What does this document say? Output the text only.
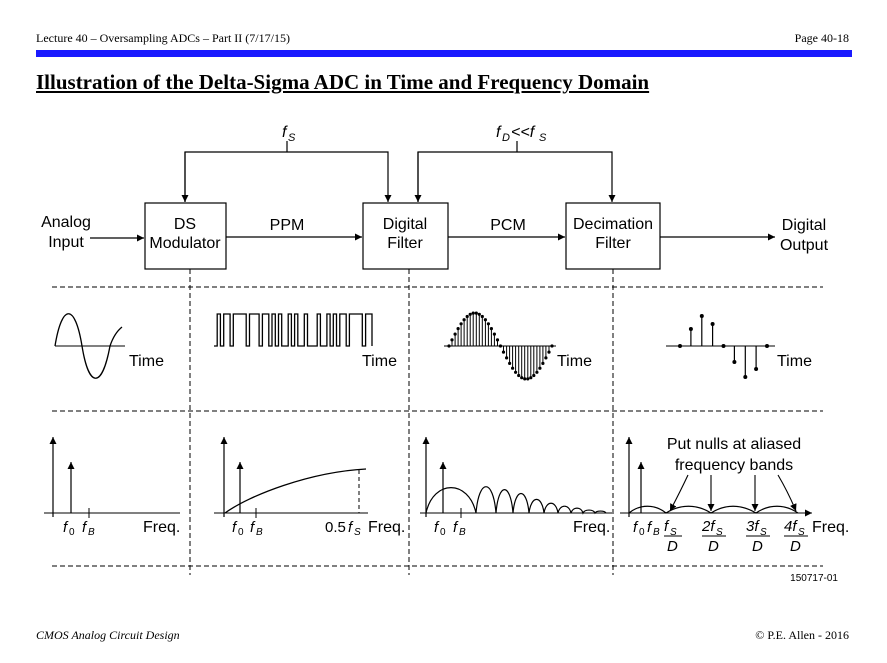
Lecture 40 – Oversampling ADCs – Part II (7/17/15)	Page 40-18
Illustration of the Delta-Sigma ADC in Time and Frequency Domain
f S	f D <<f S
Analog
Input
DS
Modulator
Digital
Filter
Decimation
Filter
PPM	PCM	Digital
Output
Time	Time	Time	Time
f 0 f B	Freq.	f 0 f B	0.5 f S Freq. f 0 f B	Freq.
Put nulls at aliased
frequency bands
f 0 f B f S
D
2f S
D
3f S
D
4f S
D
Freq.
150717-01
CMOS Analog Circuit Design	© P.E. Allen - 2016
